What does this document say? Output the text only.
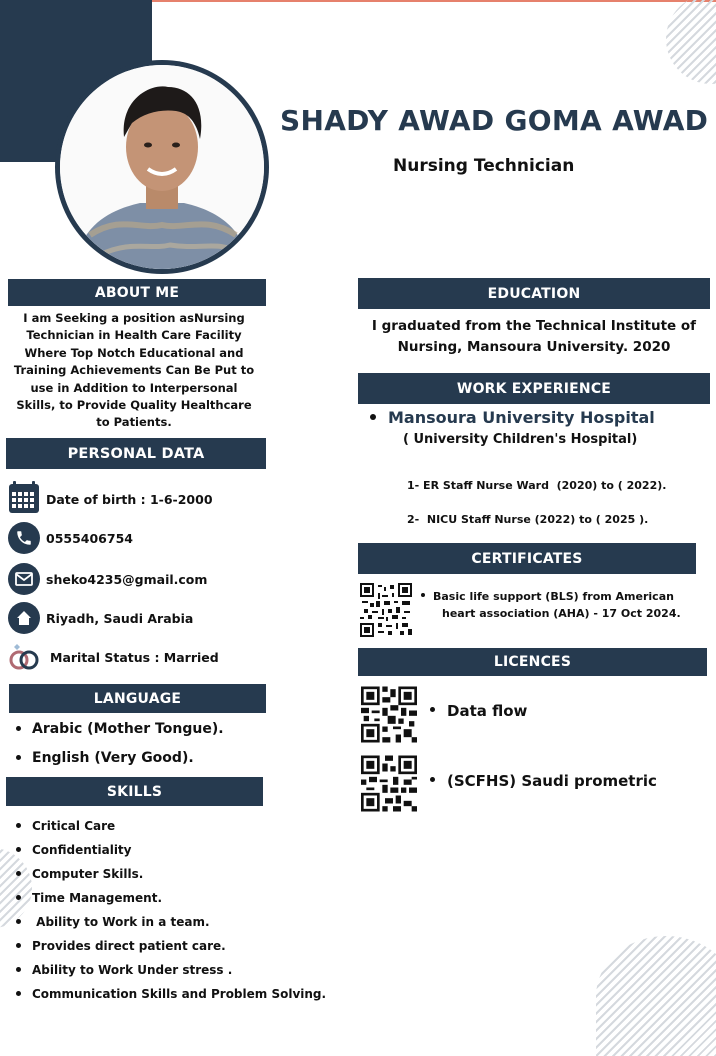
SHADY AWAD GOMA AWAD
Nursing Technician
ABOUT ME
I am Seeking a position asNursing
Technician in Health Care Facility
Where Top Notch Educational and
Training Achievements Can Be Put to
use in Addition to Interpersonal
Skills, to Provide Quality Healthcare
to Patients.
PERSONAL DATA
Date of birth : 1-6-2000
0555406754
sheko4235@gmail.com
Riyadh, Saudi Arabia
Marital Status : Married
LANGUAGE
Arabic (Mother Tongue).
English (Very Good).
SKILLS
Critical Care
Confidentiality
Computer Skills.
Time Management.
Ability to Work in a team.
Provides direct patient care.
Ability to Work Under stress .
Communication Skills and Problem Solving.
EDUCATION
I graduated from the Technical Institute of
Nursing, Mansoura University. 2020
WORK EXPERIENCE
Mansoura University Hospital
( University Children's Hospital)
1- ER Staff Nurse Ward  (2020) to ( 2022).
2-  NICU Staff Nurse (2022) to ( 2025 ).
CERTIFICATES
Basic life support (BLS) from American
heart association (AHA) - 17 Oct 2024.
LICENCES
Data flow
(SCFHS) Saudi prometric
